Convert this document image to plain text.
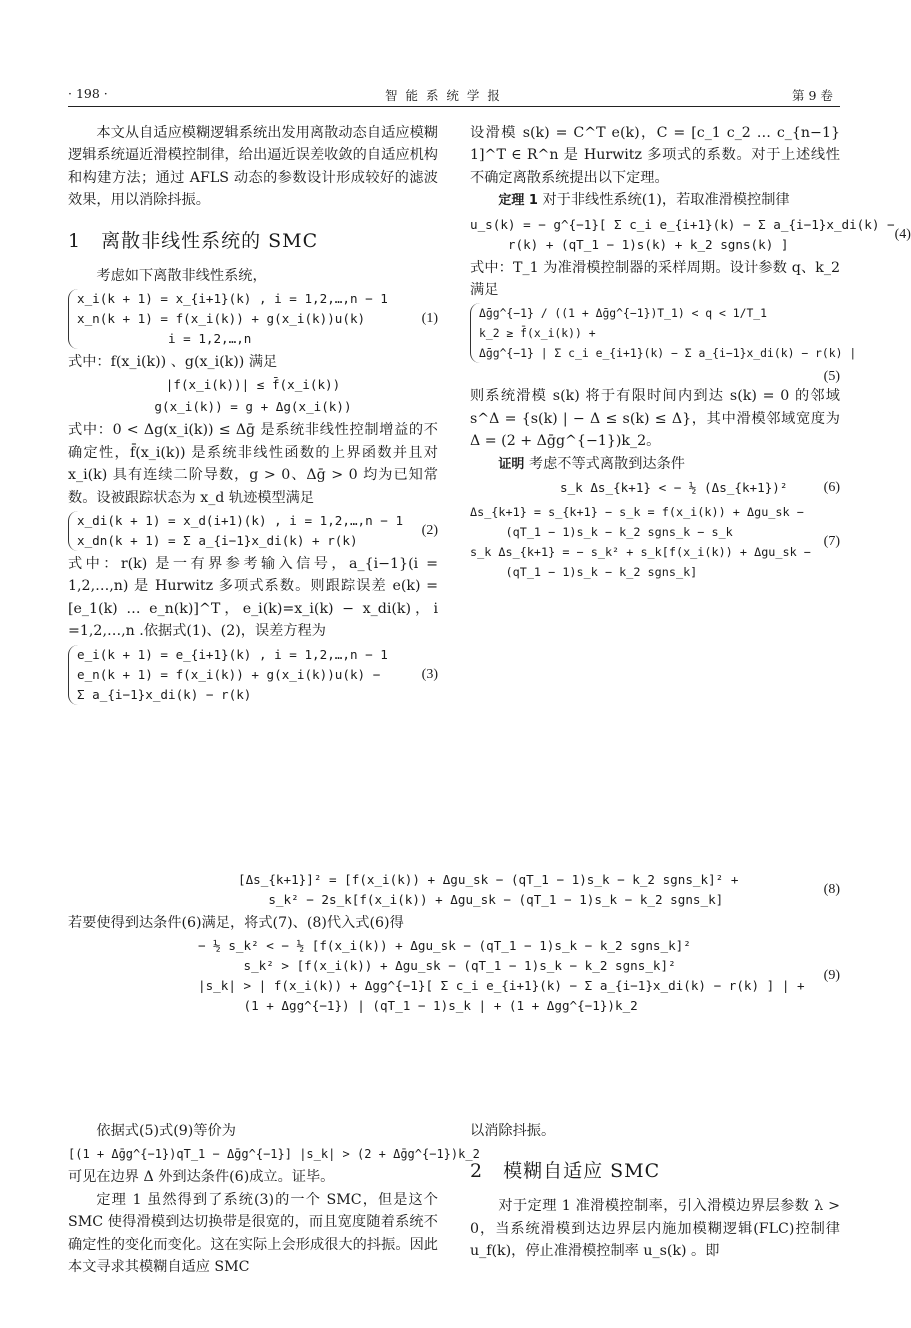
· 198 ·	智 能 系 统 学 报	第 9 卷

本文从自适应模糊逻辑系统出发用离散动态自适应模糊逻辑系统逼近滑模控制律，给出逼近误差收敛的自适应机构和构建方法；通过 AFLS 动态的参数设计形成较好的滤波效果，用以消除抖振。

1　离散非线性系统的 SMC

考虑如下离散非线性系统，

x_i(k + 1) = x_{i+1}(k) , i = 1,2,…,n − 1
x_n(k + 1) = f(x_i(k)) + g(x_i(k))u(k)
i = 1,2,…,n
(1)

式中：f(x_i(k)) 、g(x_i(k)) 满足

|f(x_i(k))| ≤ f̄(x_i(k))
g(x_i(k)) = g + Δg(x_i(k))

式中：0 < Δg(x_i(k)) ≤ Δḡ 是系统非线性控制增益的不确定性，f̄(x_i(k)) 是系统非线性函数的上界函数并且对 x_i(k) 具有连续二阶导数，g > 0、Δḡ > 0 均为已知常数。设被跟踪状态为 x_d 轨迹模型满足

x_di(k + 1) = x_d(i+1)(k) , i = 1,2,…,n − 1
x_dn(k + 1) = Σ a_{i−1}x_di(k) + r(k)
(2)

式中：r(k) 是一有界参考输入信号，a_{i−1}(i = 1,2,…,n) 是 Hurwitz 多项式系数。则跟踪误差 e(k) = [e_1(k) … e_n(k)]^T，e_i(k)=x_i(k) − x_di(k)，i =1,2,…,n .依据式(1)、(2)，误差方程为

e_i(k + 1) = e_{i+1}(k) , i = 1,2,…,n − 1
e_n(k + 1) = f(x_i(k)) + g(x_i(k))u(k) −
Σ a_{i−1}x_di(k) − r(k)
(3)

设滑模 s(k) = C^T e(k)，C = [c_1 c_2 … c_{n−1} 1]^T ∈ R^n 是 Hurwitz 多项式的系数。对于上述线性不确定离散系统提出以下定理。

定理 1 对于非线性系统(1)，若取准滑模控制律

u_s(k) = − g^{−1}[ Σ c_i e_{i+1}(k) − Σ a_{i−1}x_di(k) −
r(k) + (qT_1 − 1)s(k) + k_2 sgns(k) ]
(4)

式中：T_1 为准滑模控制器的采样周期。设计参数 q、k_2 满足

Δḡg^{−1} / ((1 + Δḡg^{−1})T_1) < q < 1/T_1
k_2 ≥ f̄(x_i(k)) +
Δḡg^{−1} | Σ c_i e_{i+1}(k) − Σ a_{i−1}x_di(k) − r(k) |
(5)

则系统滑模 s(k) 将于有限时间内到达 s(k) = 0 的邻域 s^Δ = {s(k) | − Δ ≤ s(k) ≤ Δ}，其中滑模邻域宽度为 Δ = (2 + Δḡg^{−1})k_2。

证明 考虑不等式离散到达条件

s_k Δs_{k+1} < − ½ (Δs_{k+1})²	(6)
Δs_{k+1} = s_{k+1} − s_k = f(x_i(k)) + Δgu_sk −
(qT_1 − 1)s_k − k_2 sgns_k − s_k
s_k Δs_{k+1} = − s_k² + s_k[f(x_i(k)) + Δgu_sk −
(qT_1 − 1)s_k − k_2 sgns_k]
(7)
[Δs_{k+1}]² = [f(x_i(k)) + Δgu_sk − (qT_1 − 1)s_k − k_2 sgns_k]² +
s_k² − 2s_k[f(x_i(k)) + Δgu_sk − (qT_1 − 1)s_k − k_2 sgns_k]
(8)

若要使得到达条件(6)满足，将式(7)、(8)代入式(6)得

− ½ s_k² < − ½ [f(x_i(k)) + Δgu_sk − (qT_1 − 1)s_k − k_2 sgns_k]²
s_k² > [f(x_i(k)) + Δgu_sk − (qT_1 − 1)s_k − k_2 sgns_k]²
|s_k| > | f(x_i(k)) + Δgg^{−1}[ Σ c_i e_{i+1}(k) − Σ a_{i−1}x_di(k) − r(k) ] | +
(1 + Δgg^{−1}) | (qT_1 − 1)s_k | + (1 + Δgg^{−1})k_2
(9)

依据式(5)式(9)等价为

[(1 + Δḡg^{−1})qT_1 − Δḡg^{−1}] |s_k| > (2 + Δḡg^{−1})k_2

可见在边界 Δ 外到达条件(6)成立。证毕。

定理 1 虽然得到了系统(3)的一个 SMC，但是这个 SMC 使得滑模到达切换带是很宽的，而且宽度随着系统不确定性的变化而变化。这在实际上会形成很大的抖振。因此本文寻求其模糊自适应 SMC

以消除抖振。

2　模糊自适应 SMC

对于定理 1 准滑模控制率，引入滑模边界层参数 λ > 0，当系统滑模到达边界层内施加模糊逻辑(FLC)控制律 u_f(k)，停止准滑模控制率 u_s(k) 。即
